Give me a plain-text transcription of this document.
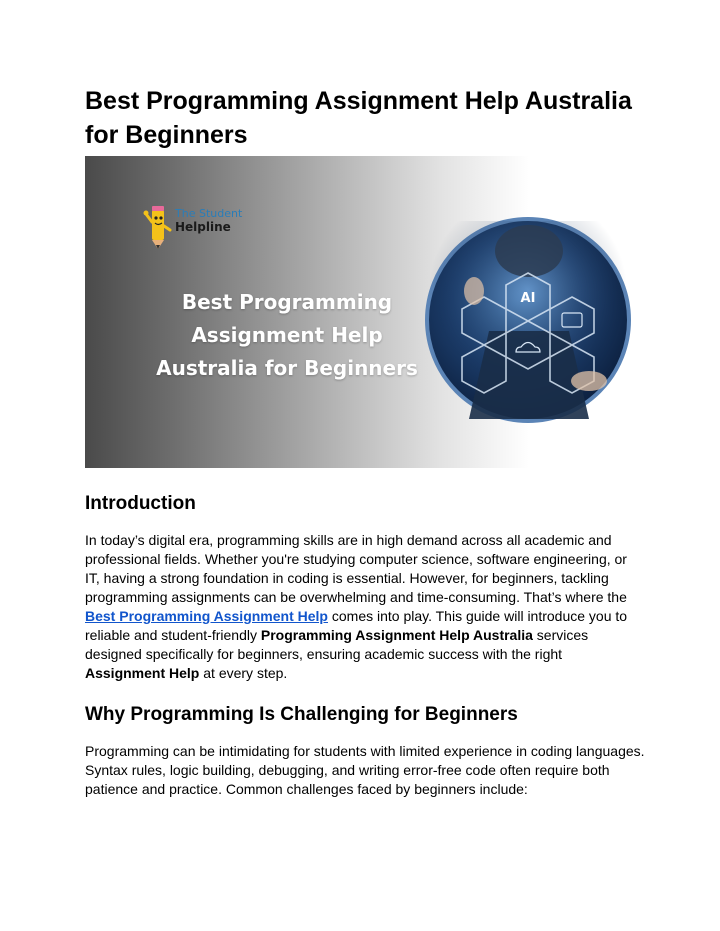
Best Programming Assignment Help Australia for Beginners
The Student
Helpline
Best Programming Assignment Help Australia for Beginners
AI
Introduction

In today’s digital era, programming skills are in high demand across all academic and professional fields. Whether you're studying computer science, software engineering, or IT, having a strong foundation in coding is essential. However, for beginners, tackling programming assignments can be overwhelming and time-consuming. That’s where the Best Programming Assignment Help comes into play. This guide will introduce you to reliable and student-friendly Programming Assignment Help Australia services designed specifically for beginners, ensuring academic success with the right Assignment Help at every step.

Why Programming Is Challenging for Beginners

Programming can be intimidating for students with limited experience in coding languages. Syntax rules, logic building, debugging, and writing error-free code often require both patience and practice. Common challenges faced by beginners include:
